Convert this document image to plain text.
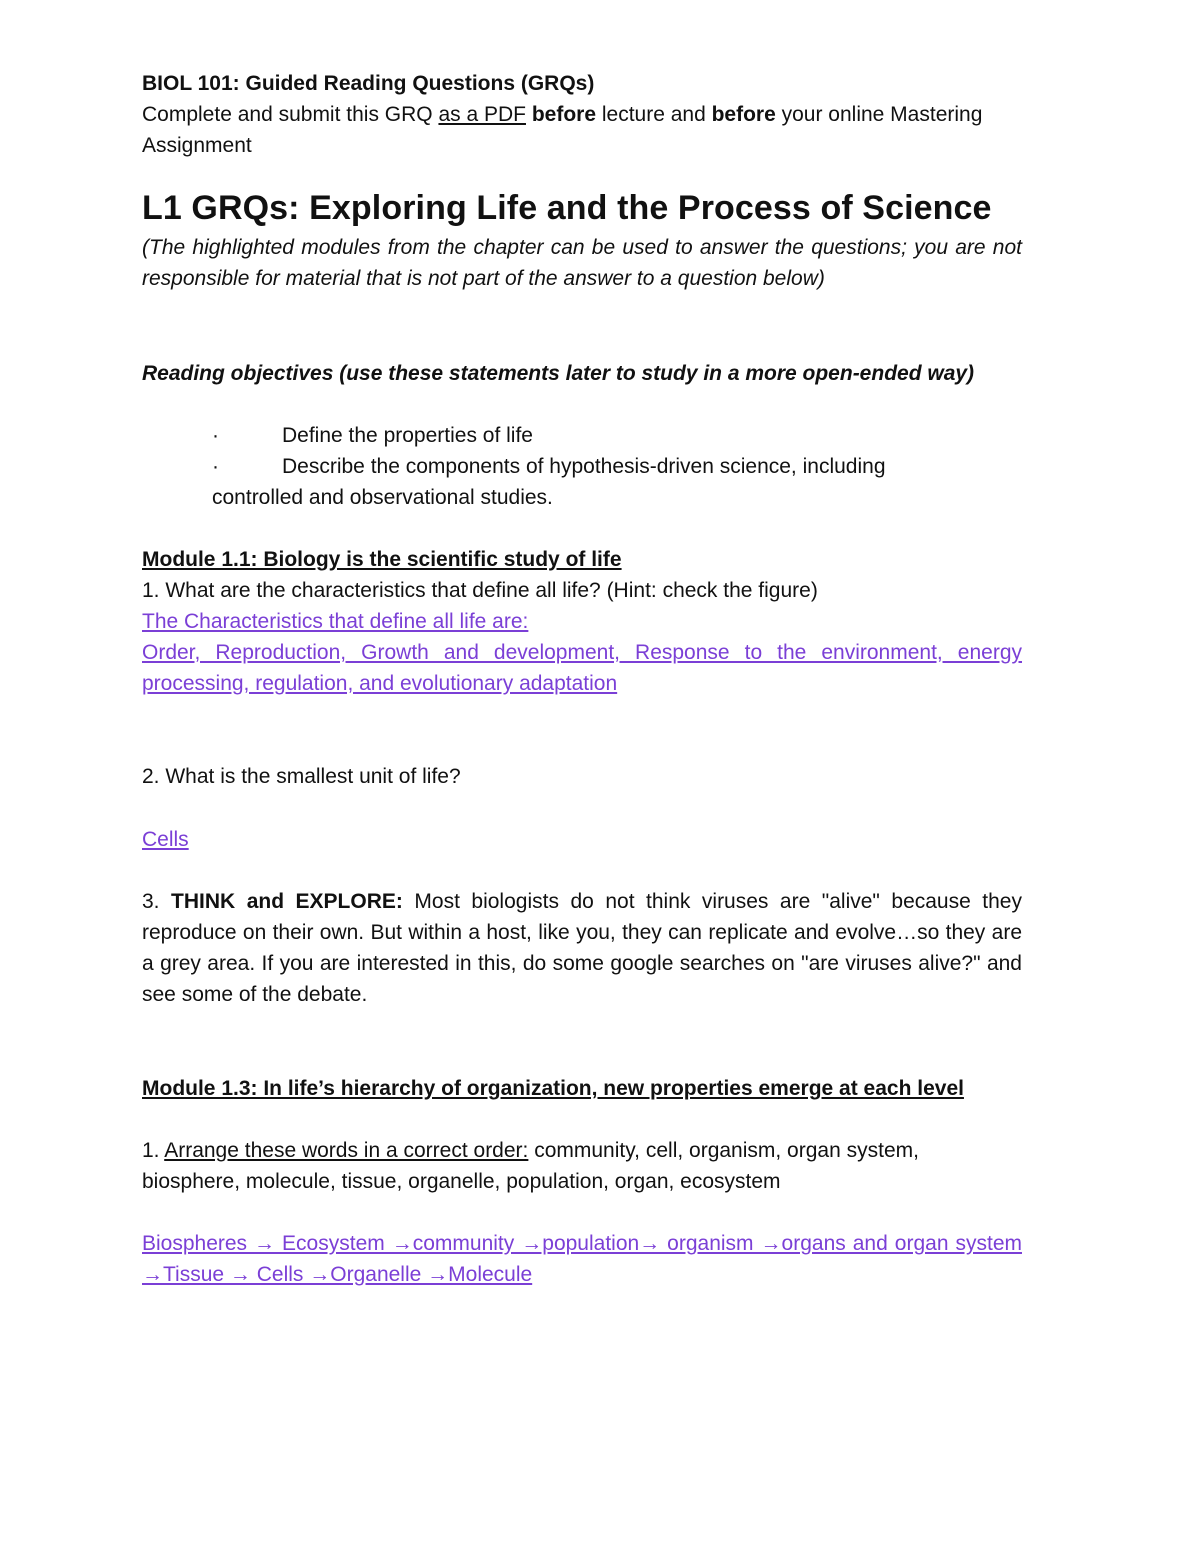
BIOL 101: Guided Reading Questions (GRQs)
Complete and submit this GRQ as a PDF before lecture and before your online Mastering Assignment
L1 GRQs: Exploring Life and the Process of Science
(The highlighted modules from the chapter can be used to answer the questions; you are not responsible for material that is not part of the answer to a question below)
Reading objectives (use these statements later to study in a more open-ended way)
·	Define the properties of life
·	Describe the components of hypothesis-driven science, including
controlled and observational studies.
Module 1.1: Biology is the scientific study of life
1. What are the characteristics that define all life? (Hint: check the figure)
The Characteristics that define all life are:
Order, Reproduction, Growth and development, Response to the environment, energy processing, regulation, and evolutionary adaptation
2. What is the smallest unit of life?
Cells
3. THINK and EXPLORE: Most biologists do not think viruses are "alive" because they reproduce on their own. But within a host, like you, they can replicate and evolve…so they are a grey area. If you are interested in this, do some google searches on "are viruses alive?" and see some of the debate.
Module 1.3: In life’s hierarchy of organization, new properties emerge at each level
1. Arrange these words in a correct order: community, cell, organism, organ system, biosphere, molecule, tissue, organelle, population, organ, ecosystem
Biospheres → Ecosystem →community →population→ organism →organs and organ system →Tissue → Cells →Organelle →Molecule
